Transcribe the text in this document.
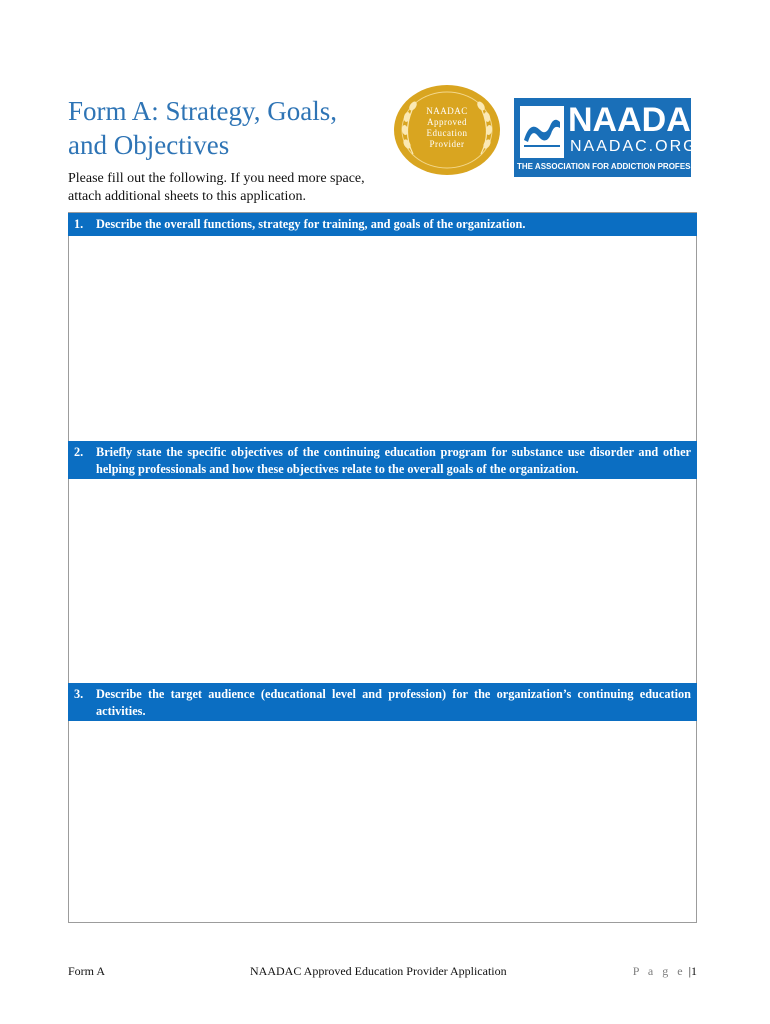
Form A: Strategy, Goals,
and Objectives
Please fill out the following. If you need more space,
attach additional sheets to this application.
NAADAC
Approved
Education
Provider
NAADAC
NAADAC.ORG
THE ASSOCIATION FOR ADDICTION PROFESSIONALS
1. Describe the overall functions, strategy for training, and goals of the organization.
2. Briefly state the specific objectives of the continuing education program for substance use disorder and other helping professionals and how these objectives relate to the overall goals of the organization.
3. Describe the target audience (educational level and profession) for the organization’s continuing education activities.
Form A	NAADAC Approved Education Provider Application	P a g e |1
